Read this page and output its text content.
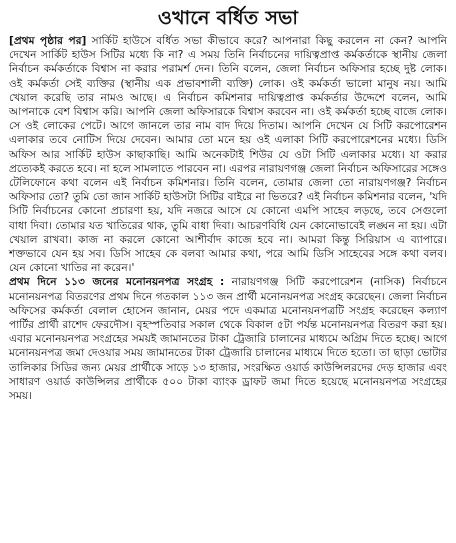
ওখানে বর্ধিত সভা

[প্রথম পৃষ্ঠার পর] সার্কিট হাউসে বর্ধিত সভা কীভাবে করে? আপনারা কিছু করলেন না কেন? আপনি দেখেন সার্কিট হাউস সিটির মধ্যে কি না? এ সময় তিনি নির্বাচনের দায়িত্বপ্রাপ্ত কর্মকর্তাকে স্থানীয় জেলা নির্বাচন কর্মকর্তাকে বিশ্বাস না করার পরামর্শ দেন। তিনি বলেন, জেলা নির্বাচন অফিসার হচ্ছে দুষ্ট লোক। ওই কর্মকর্তা সেই ব্যক্তির (স্থানীয় এক প্রভাবশালী ব্যক্তি) লোক। ওই কর্মকর্তা ভালো মানুষ নয়। আমি খেয়াল করেছি তার নামও আছে। এ নির্বাচন কমিশনার দায়িত্বপ্রাপ্ত কর্মকর্তার উদ্দেশে বলেন, আমি আপনাকে বেশ বিশ্বাস করি। আপনি জেলা অফিসারকে বিশ্বাস করবেন না। ওই কর্মকর্তা হচ্ছে বাজে লোক। সে ওই লোকের পেটে। আগে জানলে তার নাম বাদ দিয়ে দিতাম। আপনি দেখেন যে সিটি করপোরেশন এলাকার তবে নোটিস দিয়ে দেবেন। আমার তো মনে হয় ওই এলাকা সিটি করপোরেশনের মধ্যে। ডিসি অফিস আর সার্কিট হাউস কাছাকাছি। আমি অনেকটাই শিউর যে ওটা সিটি এলাকার মধ্যে। যা করার প্রত্যেকই করতে হবে। না হলে সামলাতে পারবেন না। এরপর নারায়ণগঞ্জ জেলা নির্বাচন অফিসারের সঙ্গেও টেলিফোনে কথা বলেন এই নির্বাচন কমিশনার। তিনি বলেন, তোমার জেলা তো নারায়ণগঞ্জ? নির্বাচন অফিসার তো? তুমি তো জান সার্কিট হাউসটা সিটির বাইরে না ভিতরে? এই নির্বাচন কমিশনার বলেন, 'যদি সিটি নির্বাচনের কোনো প্রচারণা হয়, যদি নজরে আসে যে কোনো এমপি সাহেব লড়ছে, তবে সেগুলো বাধা দিবা। তোমার যত খাতিরের থাক, তুমি বাধা দিবা। আচরণবিধি যেন কোনোভাবেই লঙ্ঘন না হয়। এটা খেয়াল রাখবা। কাজ না করলে কোনো আশীর্বাদ কাজে হবে না। আমরা কিন্তু সিরিয়াস এ ব্যাপারে। শক্তভাবে যেন হয় সব। ডিসি সাহেব কে বলবা আমার কথা, পরে আমি ডিসি সাহেবের সঙ্গে কথা বলব। যেন কোনো খাতির না করেন।'

প্রথম দিনে ১১৩ জনের মনোনয়নপত্র সংগ্রহ : নারায়ণগঞ্জ সিটি করপোরেশন (নাসিক) নির্বাচনে মনোনয়নপত্র বিতরণের প্রথম দিনে গতকাল ১১৩ জন প্রার্থী মনোনয়নপত্র সংগ্রহ করেছেন। জেলা নির্বাচন অফিসের কর্মকর্তা বেলাল হোসেন জানান, মেয়র পদে একমাত্র মনোনয়নপত্রটি সংগ্রহ করেছেন কল্যাণ পার্টির প্রার্থী রাশেদ ফেরদৌস। বৃহস্পতিবার সকাল থেকে বিকাল ৫টা পর্যন্ত মনোনয়নপত্র বিতরণ করা হয়। এবার মনোনয়নপত্র সংগ্রহের সময়ই জামানতের টাকা ট্রেজারি চালানের মাধ্যমে অগ্রিম দিতে হচ্ছে। আগে মনোনয়নপত্র জমা দেওয়ার সময় জামানতের টাকা ট্রেজারি চালানের মাধ্যমে দিতে হতো। তা ছাড়া ভোটার তালিকার সিডির জন্য মেয়র প্রার্থীকে সাড়ে ১৩ হাজার, সংরক্ষিত ওয়ার্ড কাউন্সিলরদের দেড় হাজার এবং সাধারণ ওয়ার্ড কাউন্সিলর প্রার্থীকে ৫০০ টাকা ব্যাংক ড্রাফট জমা দিতে হয়েছে মনোনয়নপত্র সংগ্রহের সময়।
